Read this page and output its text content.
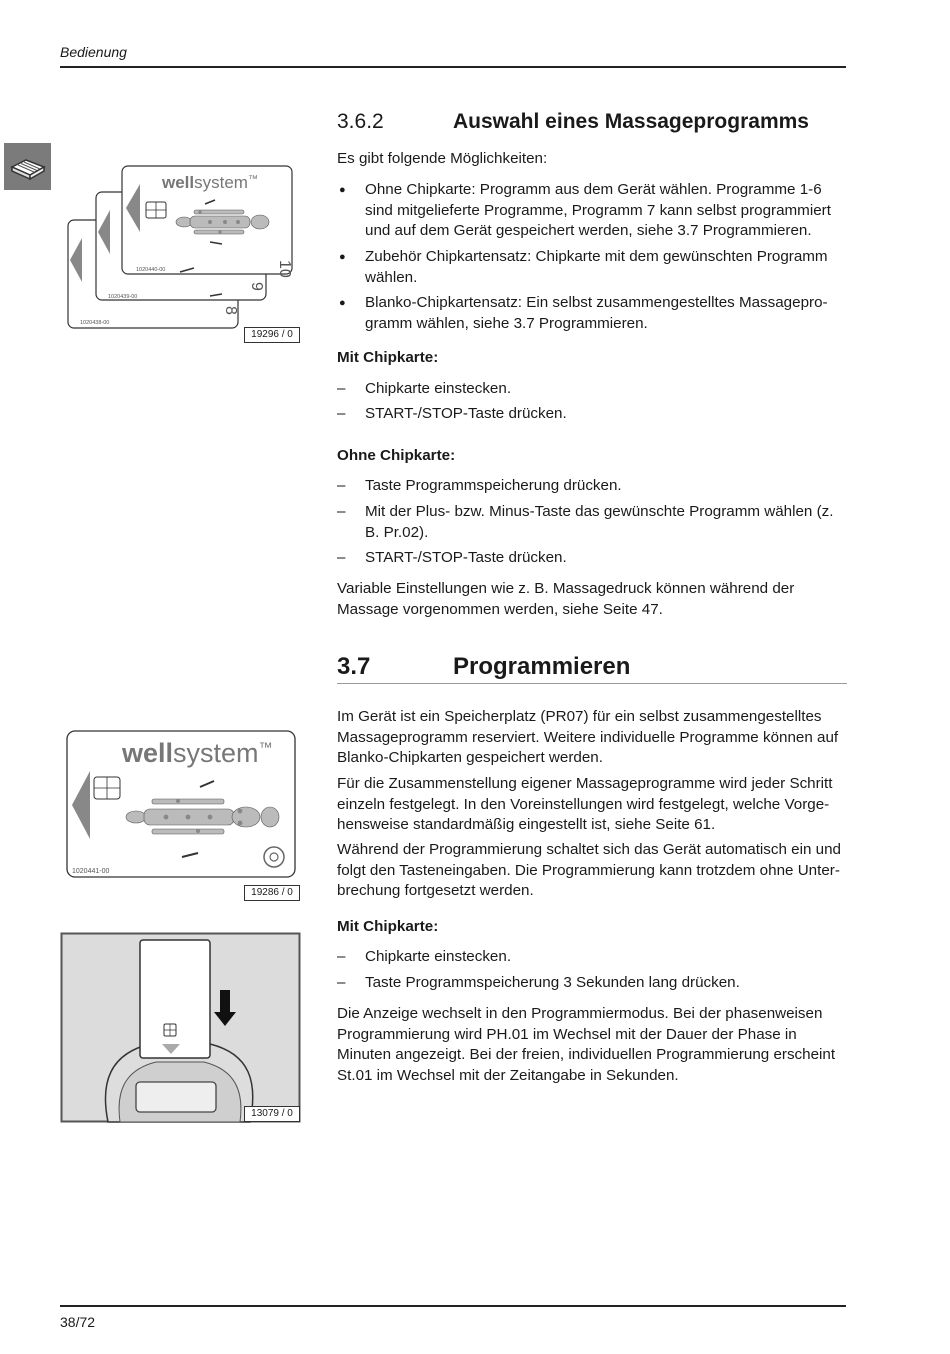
Bedienung
wellsystem™
10
9
8
1020440-00
1020439-00
1020438-00
19296 / 0
wellsystem™
1020441-00
19286 / 0
13079 / 0
3.6.2	Auswahl eines Massageprogramms
Es gibt folgende Möglichkeiten:
●
Ohne Chipkarte: Programm aus dem Gerät wählen. Programme 1-6 sind mitgelieferte Programme, Programm 7 kann selbst programmiert und auf dem Gerät gespeichert werden, siehe 3.7 Programmieren.
●
Zubehör Chipkartensatz: Chipkarte mit dem gewünschten Programm wählen.
●
Blanko-Chipkartensatz: Ein selbst zusammengestelltes Massagepro-gramm wählen, siehe 3.7 Programmieren.
Mit Chipkarte:
–	Chipkarte einstecken.
–	START-/STOP-Taste drücken.
Ohne Chipkarte:
–	Taste Programmspeicherung drücken.
–	Mit der Plus- bzw. Minus-Taste das gewünschte Programm wählen (z. B. Pr.02).
–	START-/STOP-Taste drücken.
Variable Einstellungen wie z. B. Massagedruck können während der Massage vorgenommen werden, siehe Seite 47.
3.7	Programmieren
Im Gerät ist ein Speicherplatz (PR07) für ein selbst zusammengestelltes Massageprogramm reserviert. Weitere individuelle Programme können auf Blanko-Chipkarten gespeichert werden.
Für die Zusammenstellung eigener Massageprogramme wird jeder Schritt einzeln festgelegt. In den Voreinstellungen wird festgelegt, welche Vorge-hensweise standardmäßig eingestellt ist, siehe Seite 61.
Während der Programmierung schaltet sich das Gerät automatisch ein und folgt den Tasteneingaben. Die Programmierung kann trotzdem ohne Unter-brechung fortgesetzt werden.
Mit Chipkarte:
–	Chipkarte einstecken.
–	Taste Programmspeicherung 3 Sekunden lang drücken.
Die Anzeige wechselt in den Programmiermodus. Bei der phasenweisen Programmierung wird PH.01 im Wechsel mit der Dauer der Phase in Minuten angezeigt. Bei der freien, individuellen Programmierung erscheint St.01 im Wechsel mit der Zeitangabe in Sekunden.
38/72
